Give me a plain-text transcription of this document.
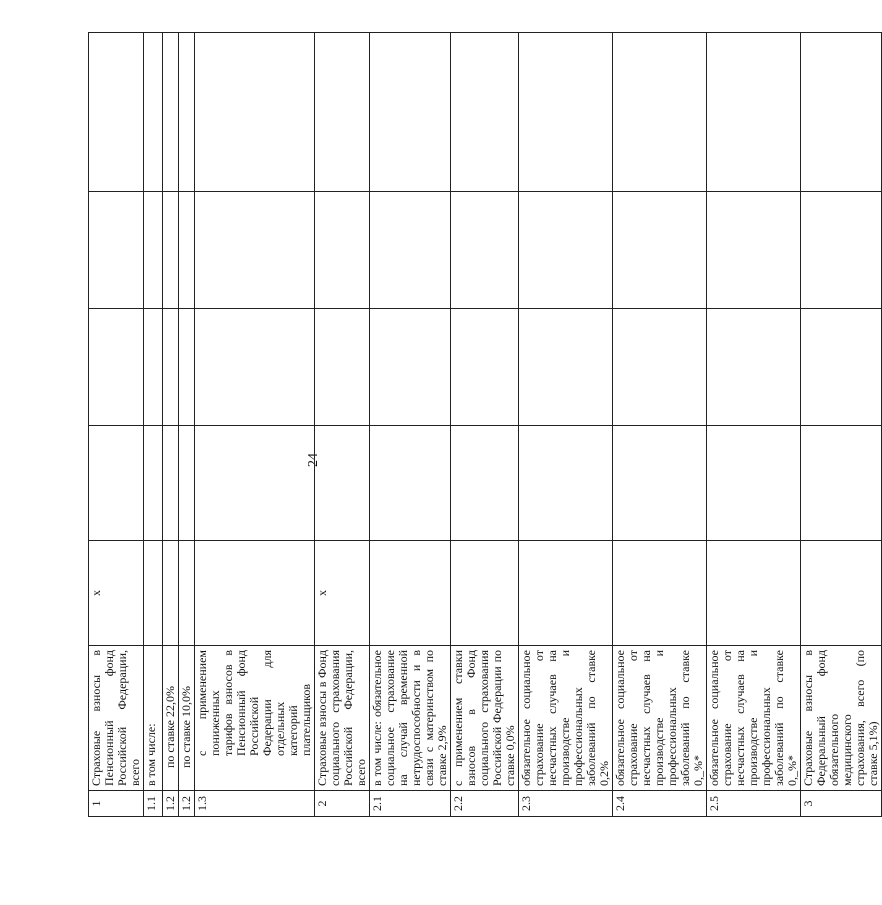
24
1	Страховые взносы в Пенсионный фонд Российской Федерации, всего	х				
1.1	в том числе:					
1.2	по ставке 22,0%					
1.2	по ставке 10,0%					
1.3	с применением пониженных тарифов взносов в Пенсионный фонд Российской Федерации для отдельных категорий плательщиков					
2	Страховые взносы в Фонд социального страхования Российской Федерации, всего	х				
2.1	в том числе: обязательное социальное страхование на случай временной нетрудоспособности и в связи с материнством по ставке 2,9%					
2.2	с применением ставки взносов в Фонд социального страхования Российской Федерации по ставке 0,0%					
2.3	обязательное социальное страхование от несчастных случаев на производстве и профессиональных заболеваний по ставке 0,2%					
2.4	обязательное социальное страхование от несчастных случаев на производстве и профессиональных заболеваний по ставке 0,_%*					
2.5	обязательное социальное страхование от несчастных случаев на производстве и профессиональных заболеваний по ставке 0,_%*					
3	Страховые взносы в Федеральный фонд обязательного медицинского страхования, всего (по ставке 5,1%)					
